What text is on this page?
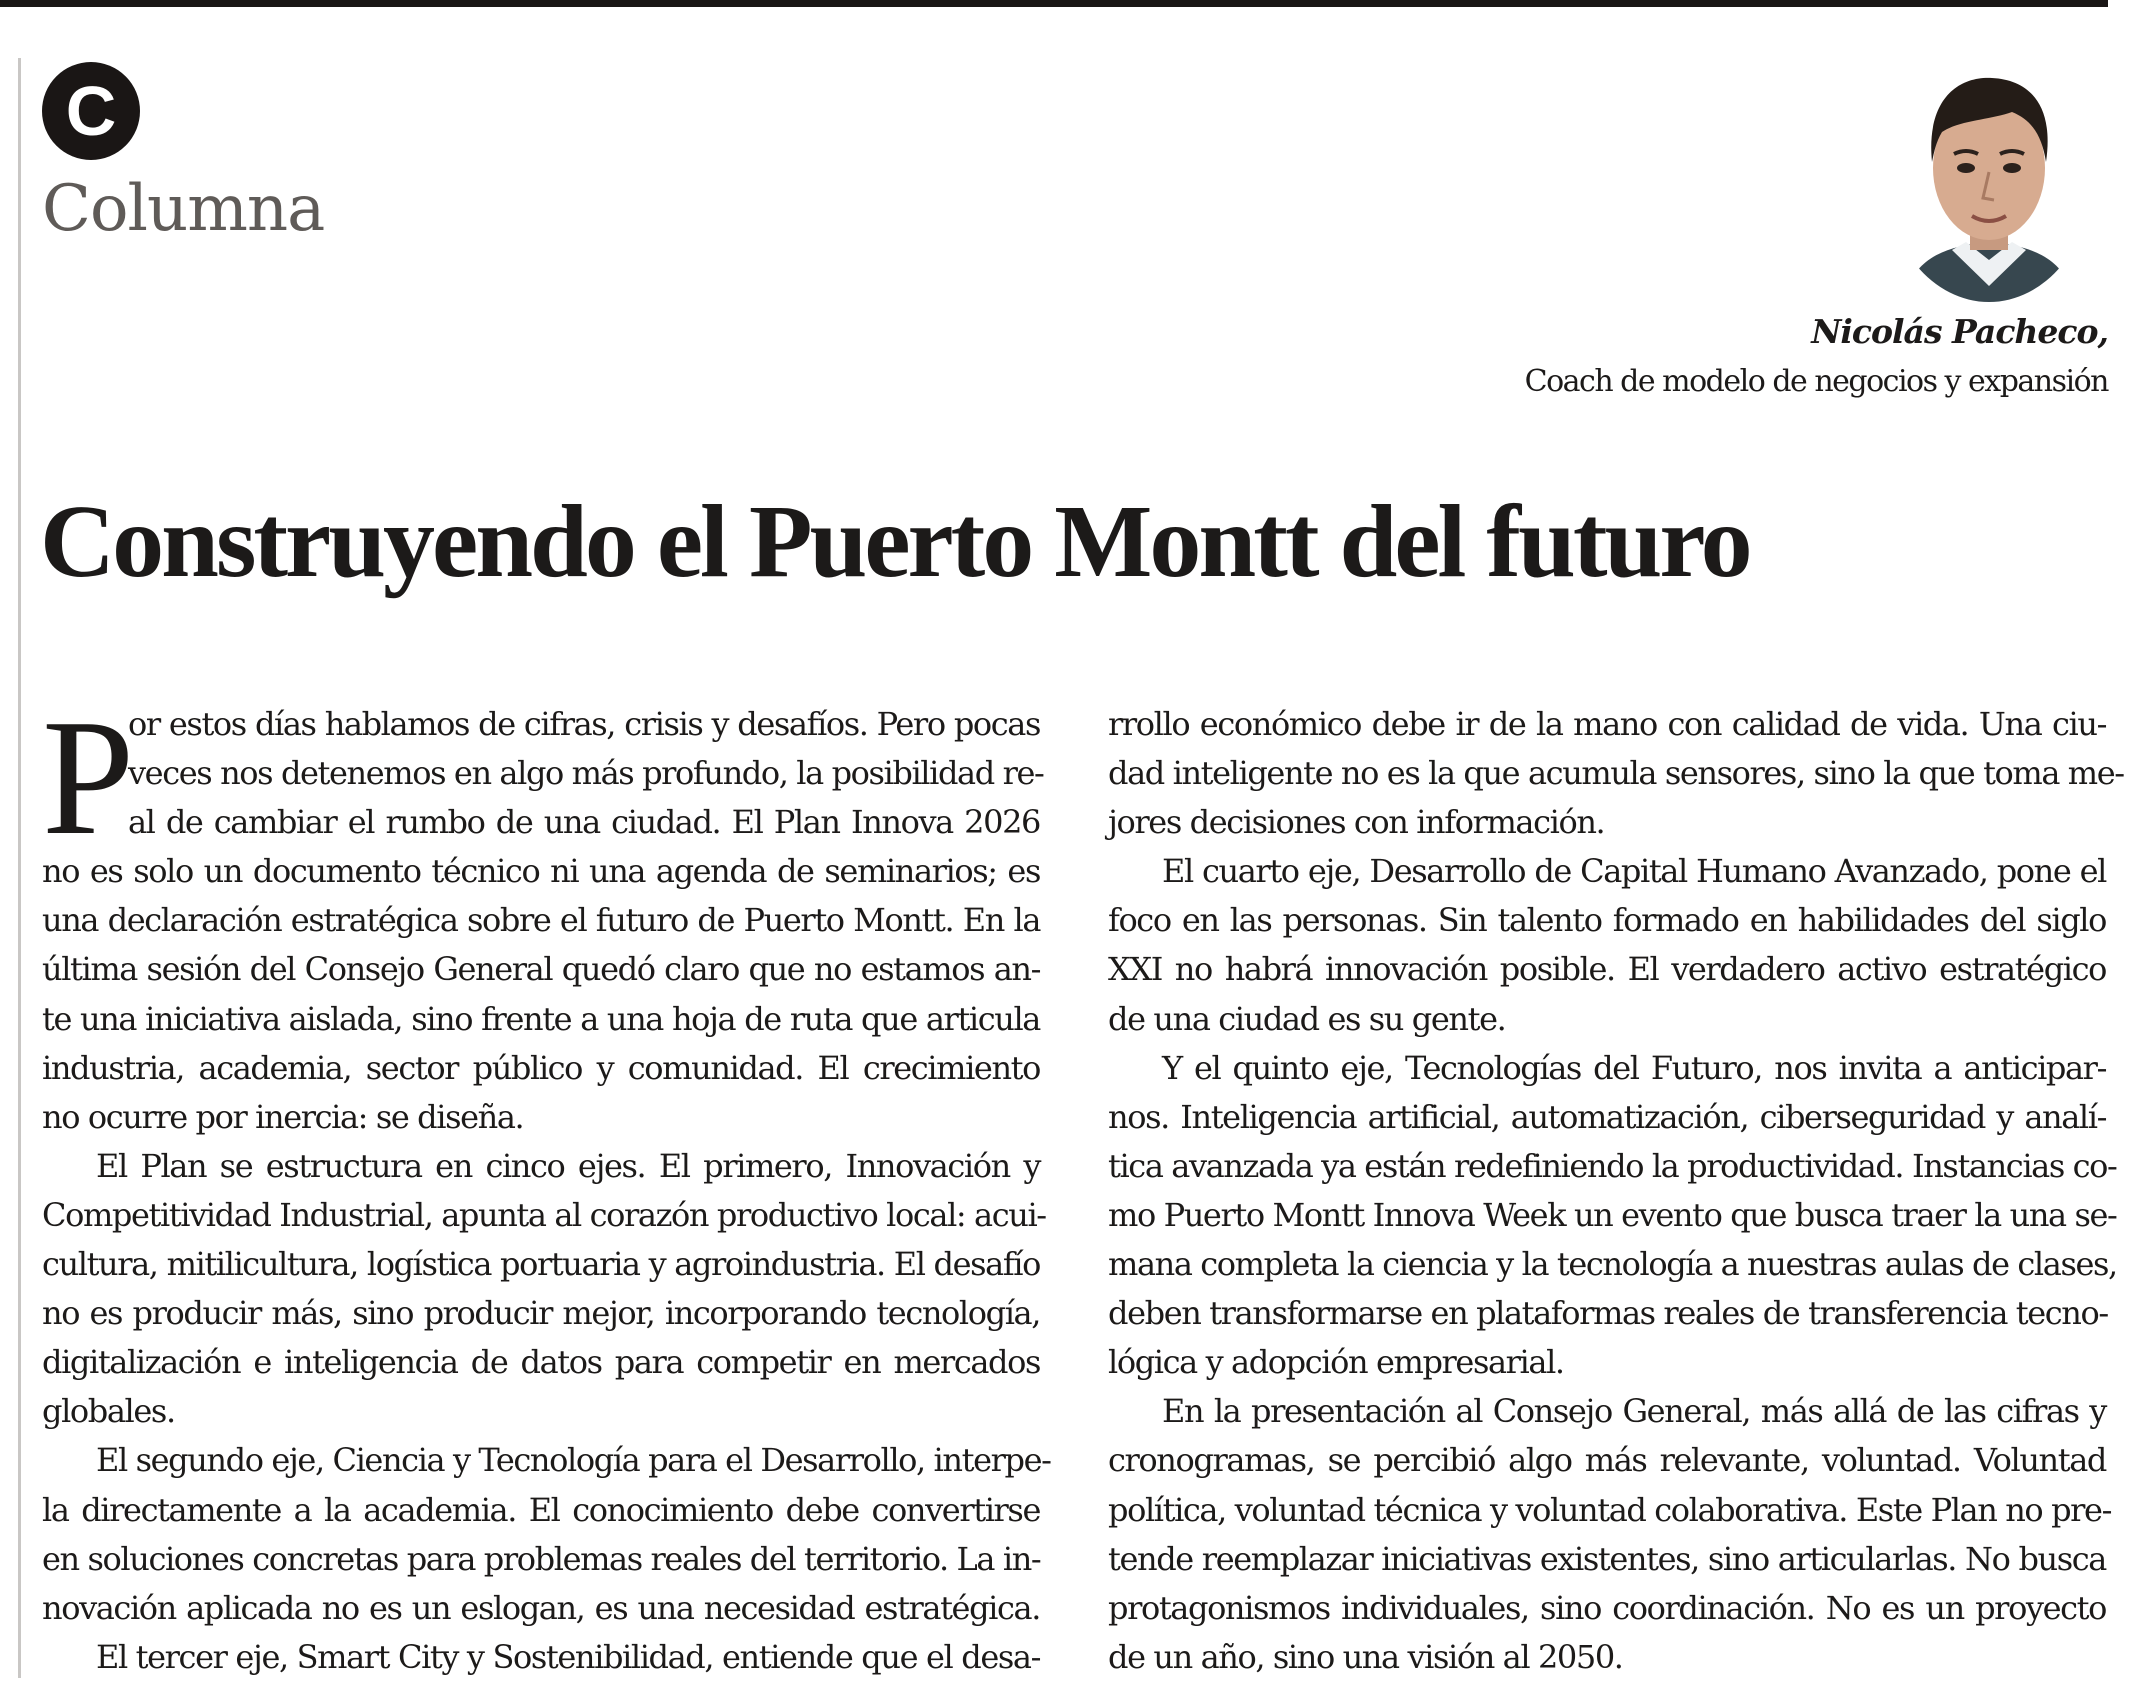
C
Columna
Nicolás Pacheco,
Coach de modelo de negocios y expansión
Construyendo el Puerto Montt del futuro
P
or estos días hablamos de cifras, crisis y desafíos. Pero pocas
veces nos detenemos en algo más profundo, la posibilidad re-
al de cambiar el rumbo de una ciudad. El Plan Innova 2026
no es solo un documento técnico ni una agenda de seminarios; es
una declaración estratégica sobre el futuro de Puerto Montt. En la
última sesión del Consejo General quedó claro que no estamos an-
te una iniciativa aislada, sino frente a una hoja de ruta que articula
industria, academia, sector público y comunidad. El crecimiento
no ocurre por inercia: se diseña.
El Plan se estructura en cinco ejes. El primero, Innovación y
Competitividad Industrial, apunta al corazón productivo local: acui-
cultura, mitilicultura, logística portuaria y agroindustria. El desafío
no es producir más, sino producir mejor, incorporando tecnología,
digitalización e inteligencia de datos para competir en mercados
globales.
El segundo eje, Ciencia y Tecnología para el Desarrollo, interpe-
la directamente a la academia. El conocimiento debe convertirse
en soluciones concretas para problemas reales del territorio. La in-
novación aplicada no es un eslogan, es una necesidad estratégica.
El tercer eje, Smart City y Sostenibilidad, entiende que el desa-
rrollo económico debe ir de la mano con calidad de vida. Una ciu-
dad inteligente no es la que acumula sensores, sino la que toma me-
jores decisiones con información.
El cuarto eje, Desarrollo de Capital Humano Avanzado, pone el
foco en las personas. Sin talento formado en habilidades del siglo
XXI no habrá innovación posible. El verdadero activo estratégico
de una ciudad es su gente.
Y el quinto eje, Tecnologías del Futuro, nos invita a anticipar-
nos. Inteligencia artificial, automatización, ciberseguridad y analí-
tica avanzada ya están redefiniendo la productividad. Instancias co-
mo Puerto Montt Innova Week un evento que busca traer la una se-
mana completa la ciencia y la tecnología a nuestras aulas de clases,
deben transformarse en plataformas reales de transferencia tecno-
lógica y adopción empresarial.
En la presentación al Consejo General, más allá de las cifras y
cronogramas, se percibió algo más relevante, voluntad. Voluntad
política, voluntad técnica y voluntad colaborativa. Este Plan no pre-
tende reemplazar iniciativas existentes, sino articularlas. No busca
protagonismos individuales, sino coordinación. No es un proyecto
de un año, sino una visión al 2050.
